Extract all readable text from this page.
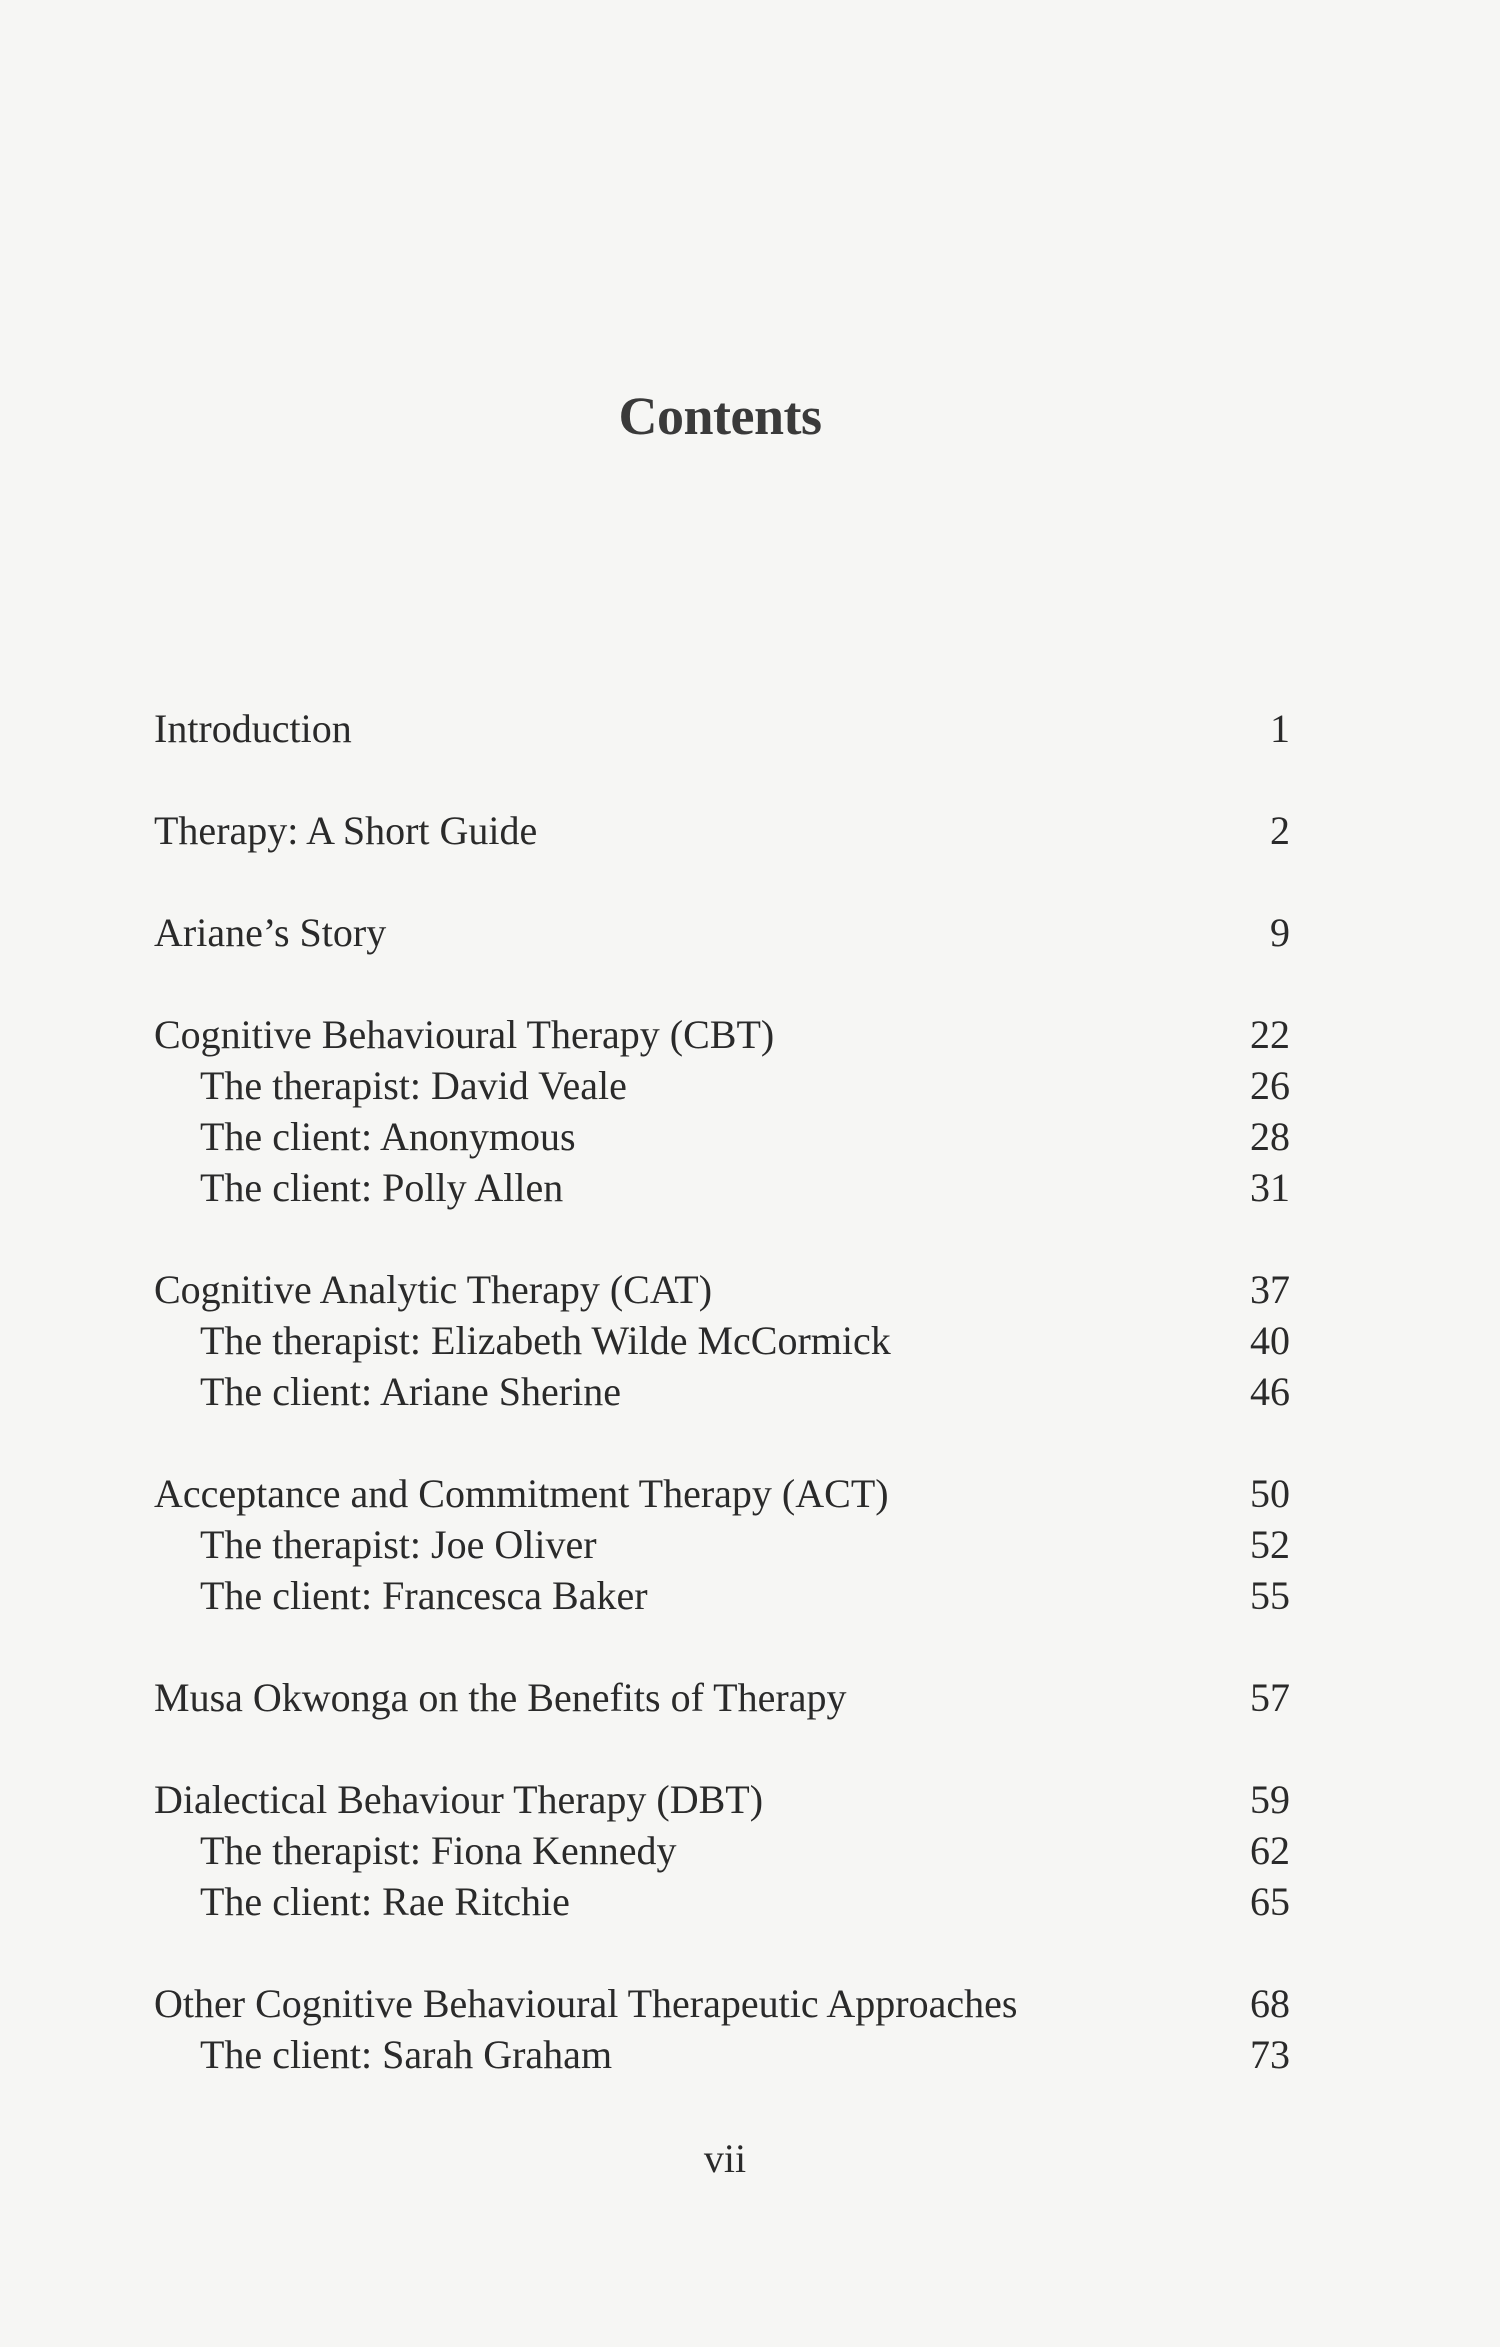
Contents
Introduction	1
Therapy: A Short Guide	2
Ariane’s Story	9
Cognitive Behavioural Therapy (CBT)	22
The therapist: David Veale	26
The client: Anonymous	28
The client: Polly Allen	31
Cognitive Analytic Therapy (CAT)	37
The therapist: Elizabeth Wilde McCormick	40
The client: Ariane Sherine	46
Acceptance and Commitment Therapy (ACT)	50
The therapist: Joe Oliver	52
The client: Francesca Baker	55
Musa Okwonga on the Benefits of Therapy	57
Dialectical Behaviour Therapy (DBT)	59
The therapist: Fiona Kennedy	62
The client: Rae Ritchie	65
Other Cognitive Behavioural Therapeutic Approaches	68
The client: Sarah Graham	73
vii
